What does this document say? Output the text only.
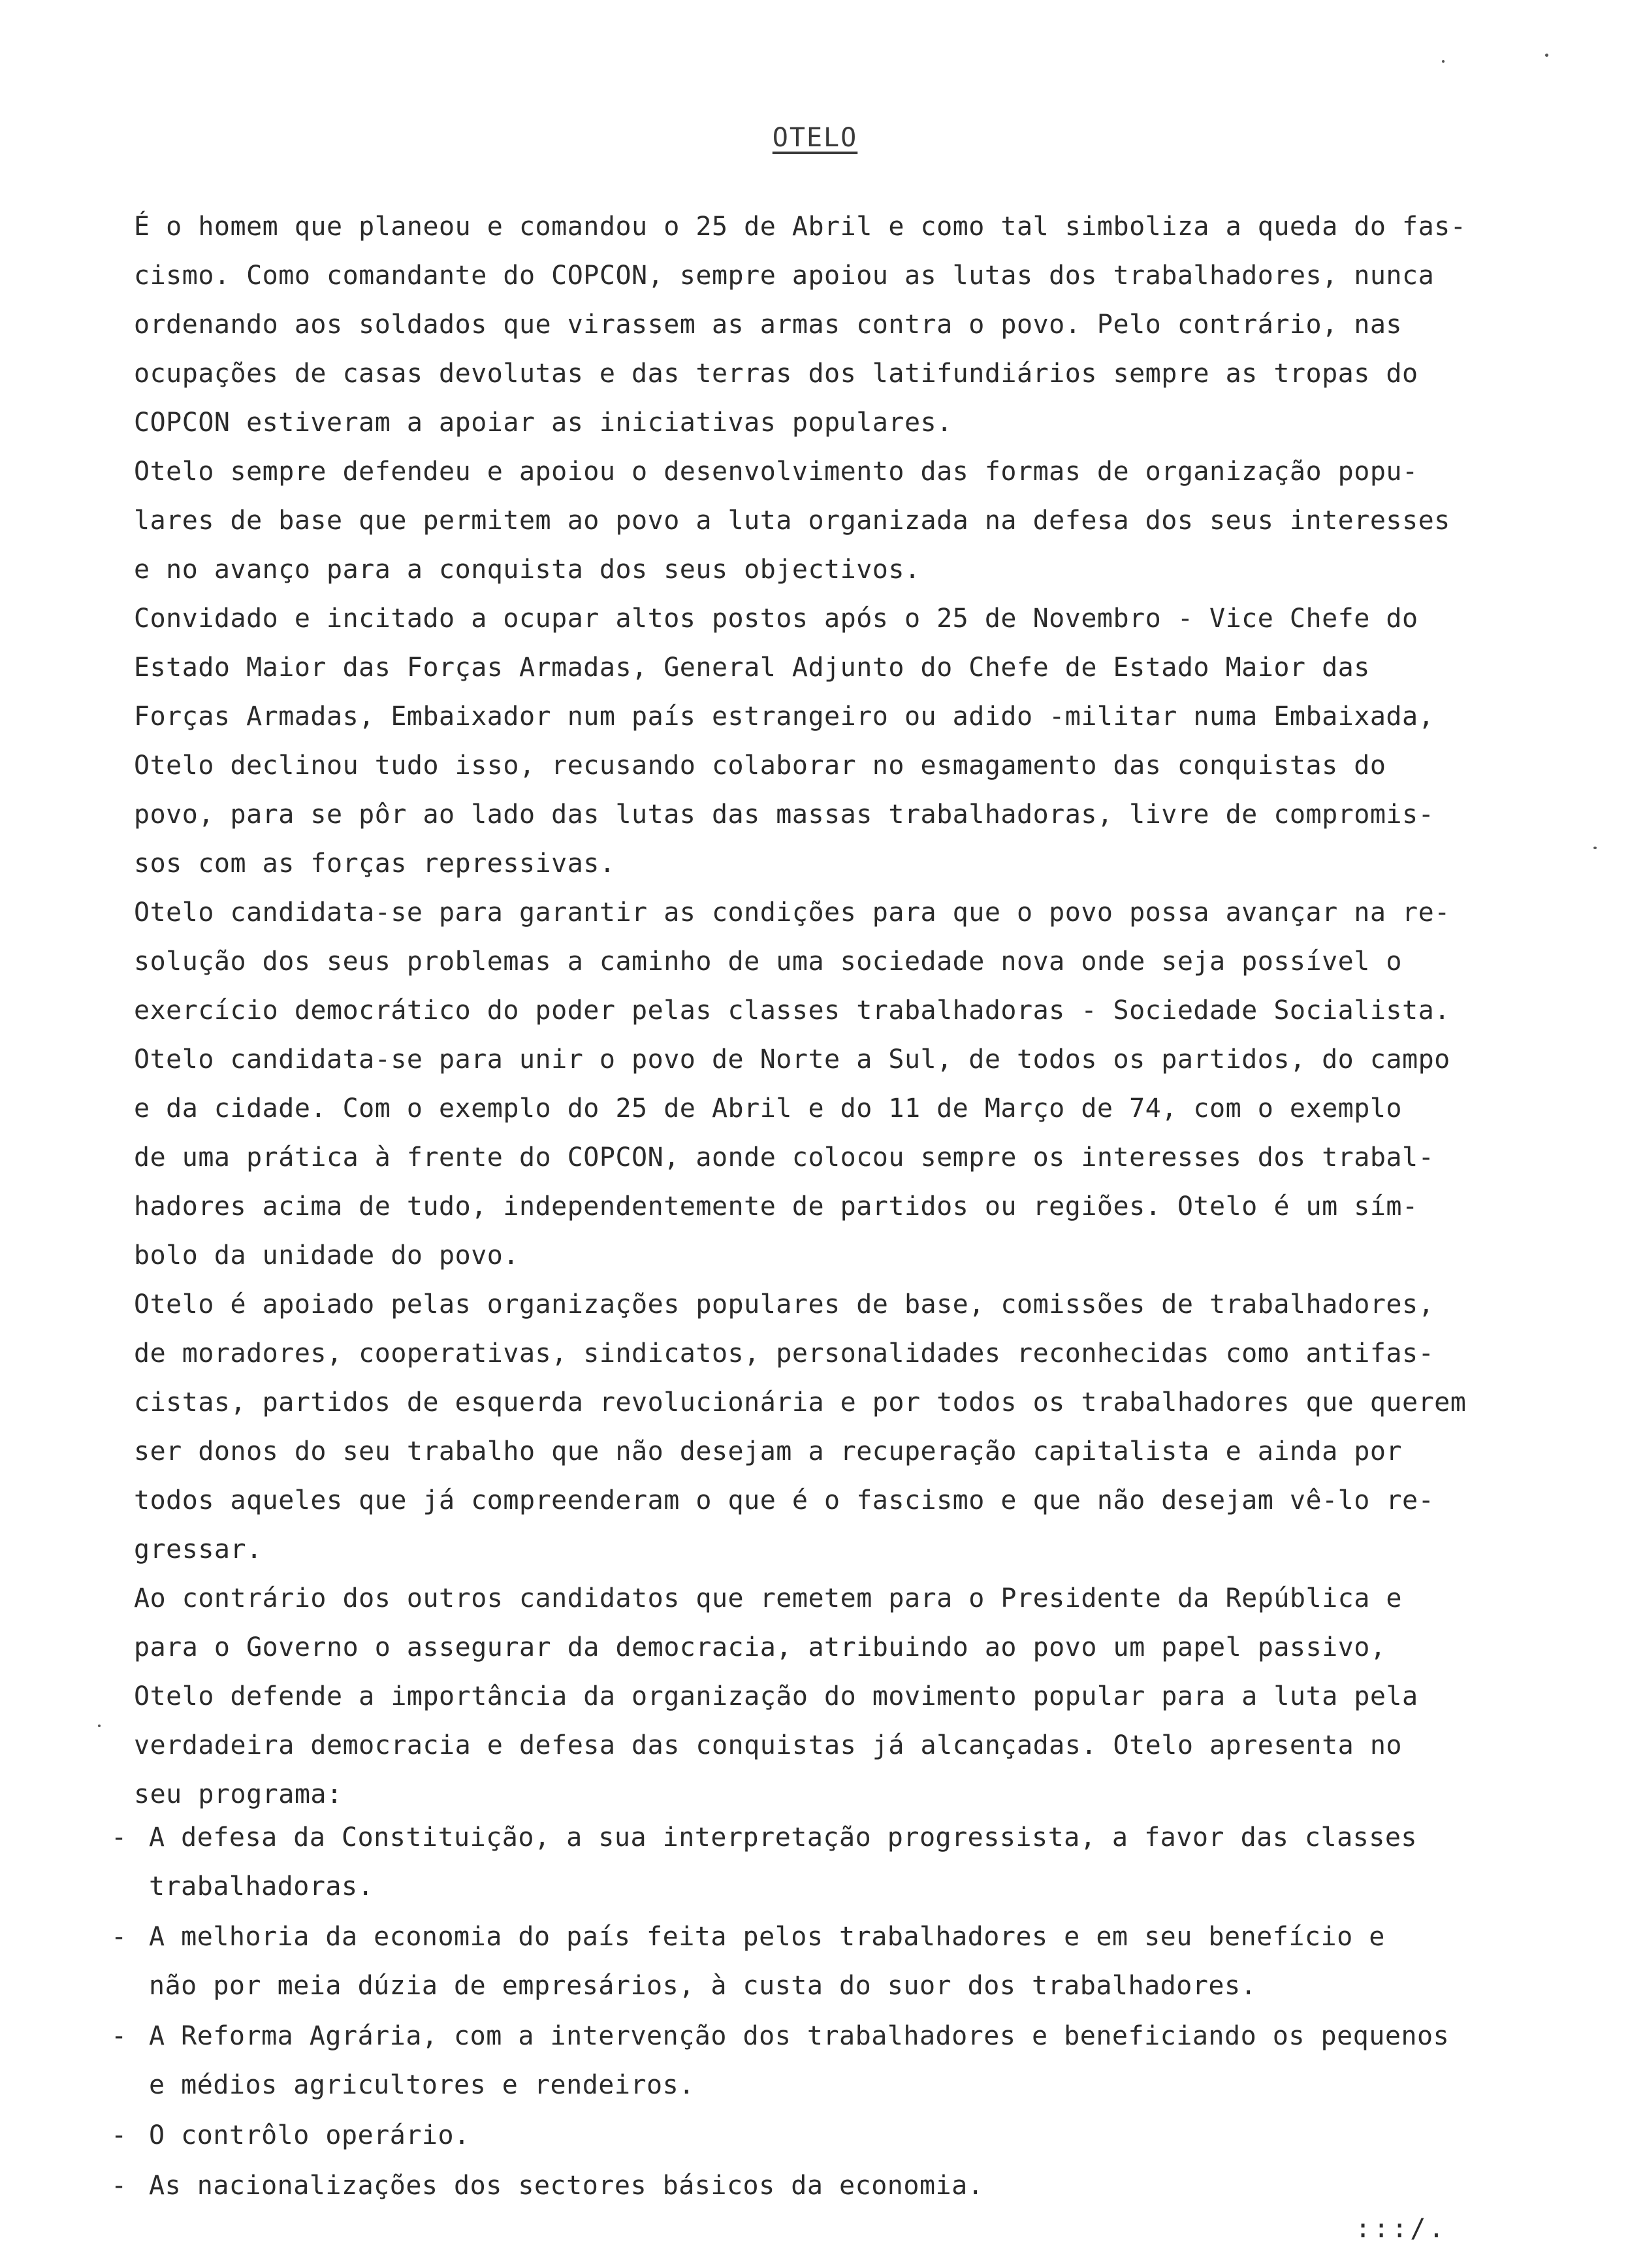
OTELO
É o homem que planeou e comandou o 25 de Abril e como tal simboliza a queda do fas-
cismo. Como comandante do COPCON, sempre apoiou as lutas dos trabalhadores, nunca
ordenando aos soldados que virassem as armas contra o povo. Pelo contrário, nas
ocupações de casas devolutas e das terras dos latifundiários sempre as tropas do
COPCON estiveram a apoiar as iniciativas populares.
Otelo sempre defendeu e apoiou o desenvolvimento das formas de organização popu-
lares de base que permitem ao povo a luta organizada na defesa dos seus interesses
e no avanço para a conquista dos seus objectivos.
Convidado e incitado a ocupar altos postos após o 25 de Novembro - Vice Chefe do
Estado Maior das Forças Armadas, General Adjunto do Chefe de Estado Maior das
Forças Armadas, Embaixador num país estrangeiro ou adido -militar numa Embaixada,
Otelo declinou tudo isso, recusando colaborar no esmagamento das conquistas do
povo, para se pôr ao lado das lutas das massas trabalhadoras, livre de compromis-
sos com as forças repressivas.
Otelo candidata-se para garantir as condições para que o povo possa avançar na re-
solução dos seus problemas a caminho de uma sociedade nova onde seja possível o
exercício democrático do poder pelas classes trabalhadoras - Sociedade Socialista.
Otelo candidata-se para unir o povo de Norte a Sul, de todos os partidos, do campo
e da cidade. Com o exemplo do 25 de Abril e do 11 de Março de 74, com o exemplo
de uma prática à frente do COPCON, aonde colocou sempre os interesses dos trabal-
hadores acima de tudo, independentemente de partidos ou regiões. Otelo é um sím-
bolo da unidade do povo.
Otelo é apoiado pelas organizações populares de base, comissões de trabalhadores,
de moradores, cooperativas, sindicatos, personalidades reconhecidas como antifas-
cistas, partidos de esquerda revolucionária e por todos os trabalhadores que querem
ser donos do seu trabalho que não desejam a recuperação capitalista e ainda por
todos aqueles que já compreenderam o que é o fascismo e que não desejam vê-lo re-
gressar.
Ao contrário dos outros candidatos que remetem para o Presidente da República e
para o Governo o assegurar da democracia, atribuindo ao povo um papel passivo,
Otelo defende a importância da organização do movimento popular para a luta pela
verdadeira democracia e defesa das conquistas já alcançadas. Otelo apresenta no
seu programa:
- A defesa da Constituição, a sua interpretação progressista, a favor das classes
trabalhadoras.
- A melhoria da economia do país feita pelos trabalhadores e em seu benefício e
não por meia dúzia de empresários, à custa do suor dos trabalhadores.
- A Reforma Agrária, com a intervenção dos trabalhadores e beneficiando os pequenos
e médios agricultores e rendeiros.
- O contrôlo operário.
- As nacionalizações dos sectores básicos da economia.
:::/.
